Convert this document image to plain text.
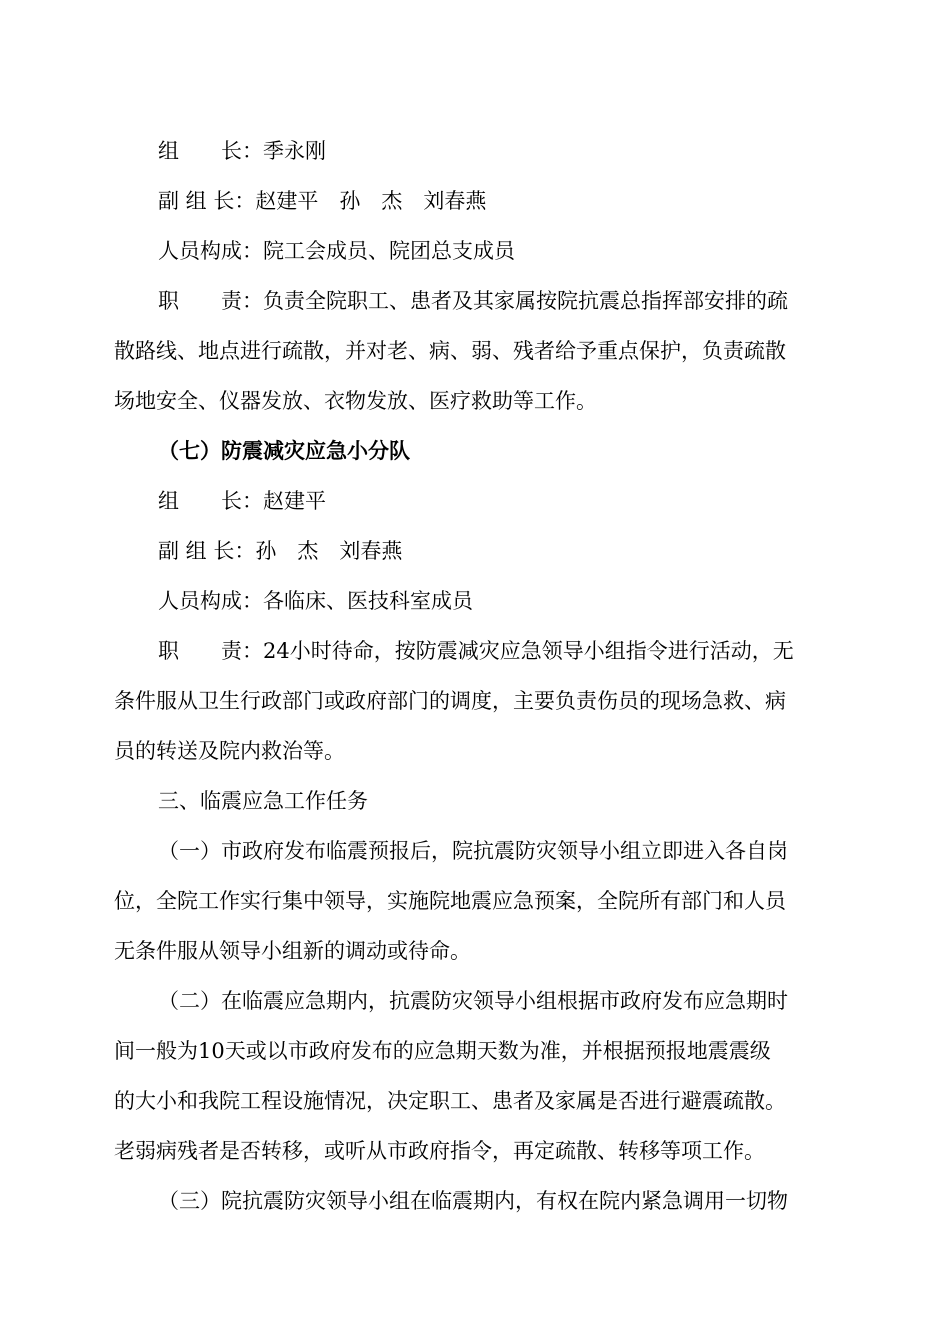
组　　长：季永刚
副 组 长：赵建平　孙　杰　刘春燕
人员构成：院工会成员、院团总支成员
职　　责：负责全院职工、患者及其家属按院抗震总指挥部安排的疏
散路线、地点进行疏散，并对老、病、弱、残者给予重点保护，负责疏散
场地安全、仪器发放、衣物发放、医疗救助等工作。
（七）防震减灾应急小分队
组　　长：赵建平
副 组 长：孙　杰　刘春燕
人员构成：各临床、医技科室成员
职　　责：24小时待命，按防震减灾应急领导小组指令进行活动，无
条件服从卫生行政部门或政府部门的调度，主要负责伤员的现场急救、病
员的转送及院内救治等。
三、临震应急工作任务
（一）市政府发布临震预报后，院抗震防灾领导小组立即进入各自岗
位，全院工作实行集中领导，实施院地震应急预案，全院所有部门和人员
无条件服从领导小组新的调动或待命。
（二）在临震应急期内，抗震防灾领导小组根据市政府发布应急期时
间一般为10天或以市政府发布的应急期天数为准，并根据预报地震震级
的大小和我院工程设施情况，决定职工、患者及家属是否进行避震疏散。
老弱病残者是否转移，或听从市政府指令，再定疏散、转移等项工作。
（三）院抗震防灾领导小组在临震期内，有权在院内紧急调用一切物
